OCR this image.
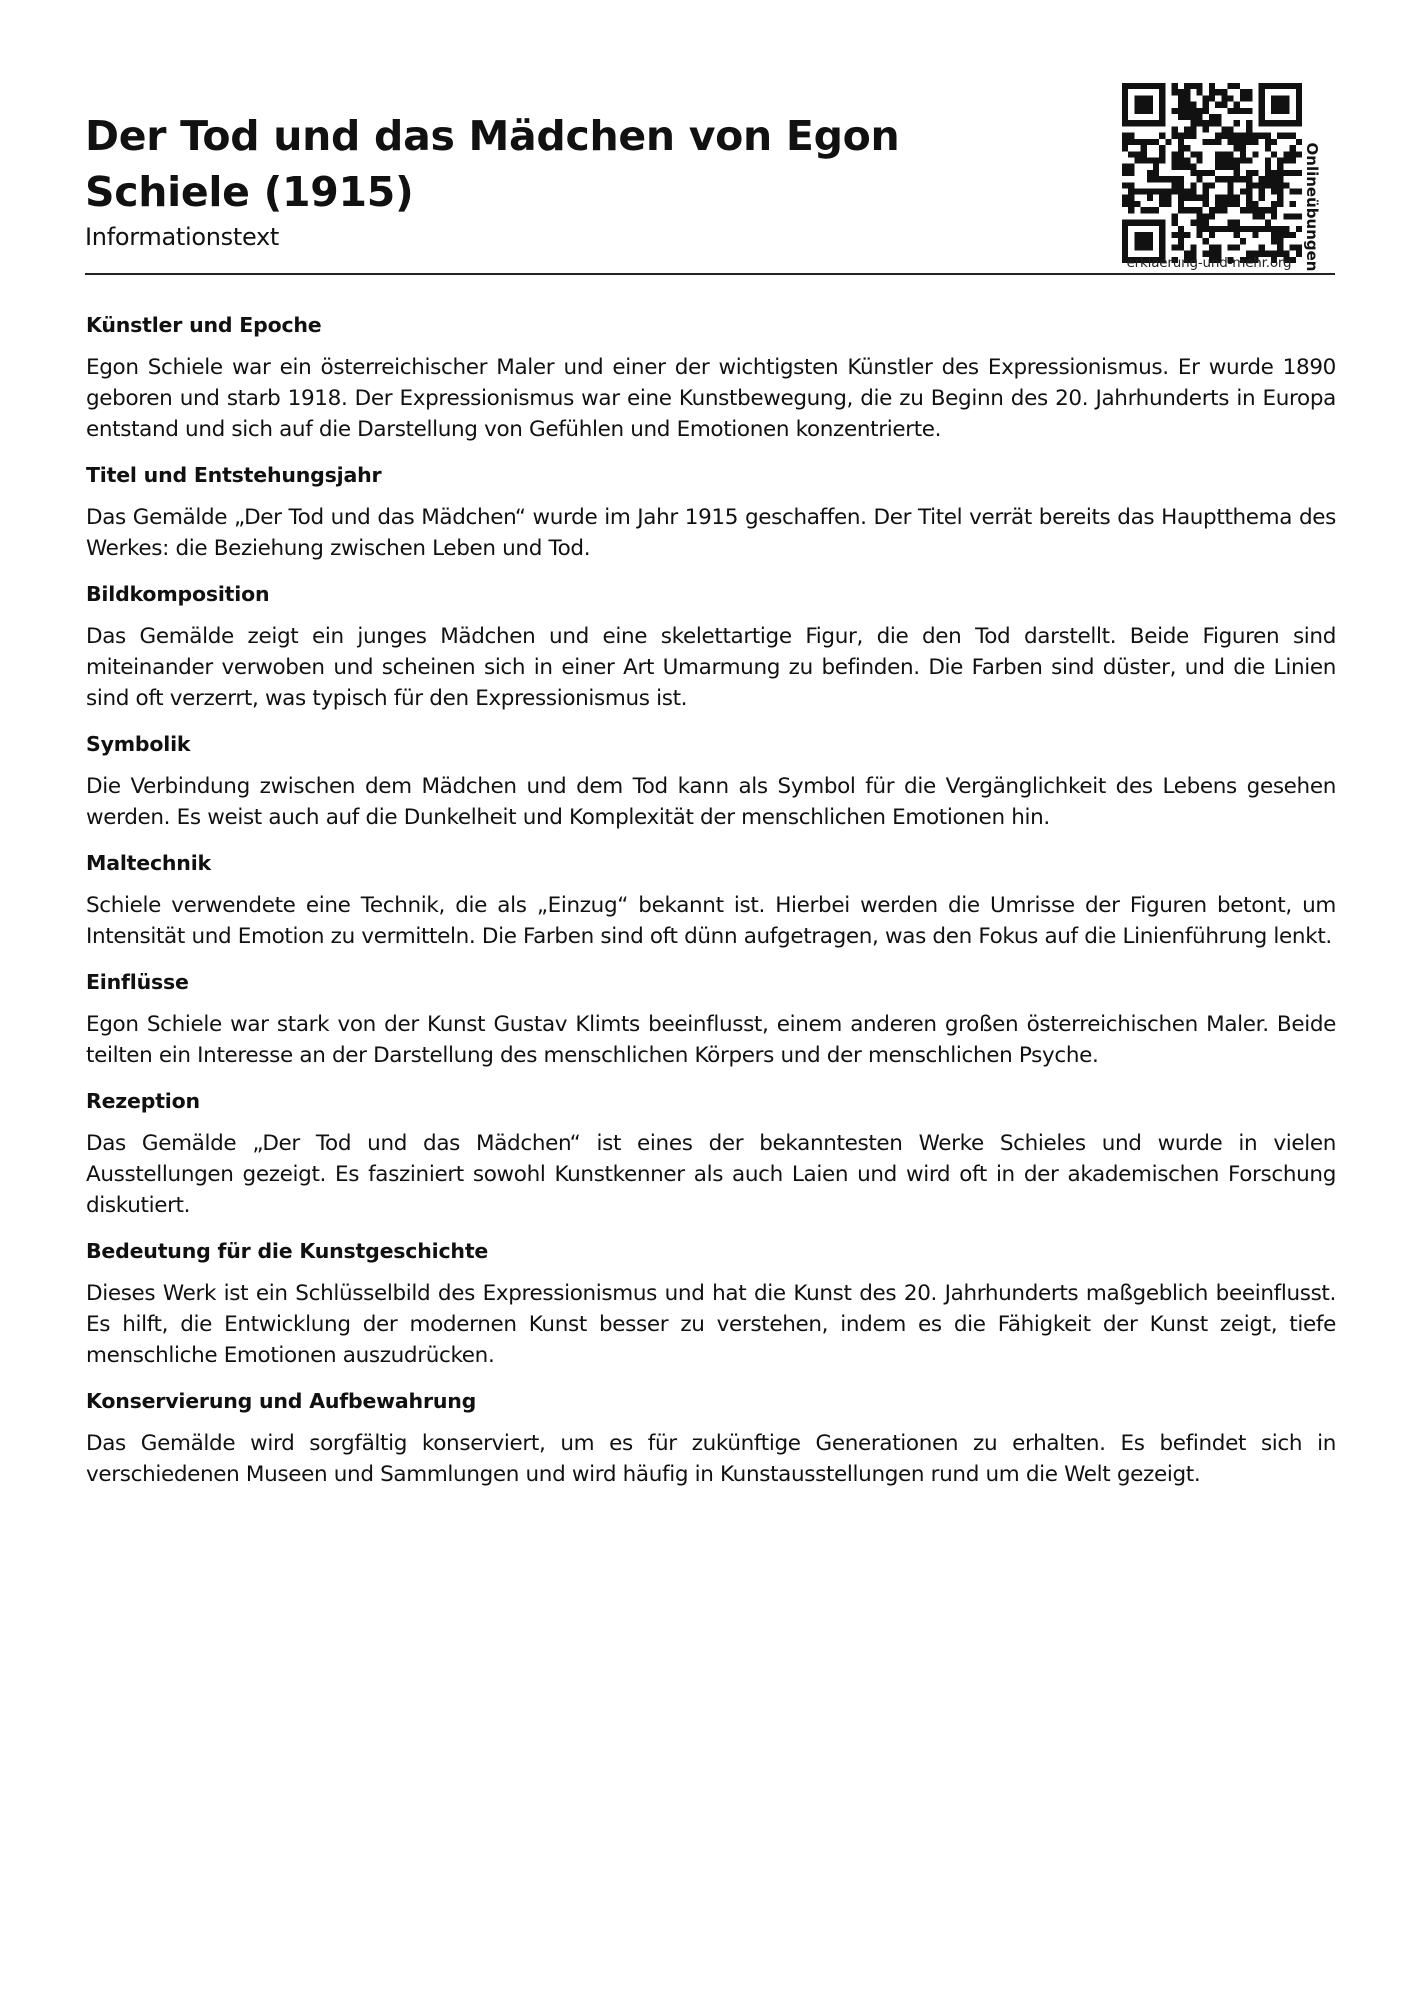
Der Tod und das Mädchen von Egon Schiele (1915)
Informationstext
erklaerung-und-mehr.org Onlineübungen
Künstler und Epoche

Egon Schiele war ein österreichischer Maler und einer der wichtigsten Künstler des Expressionismus. Er wurde 1890 geboren und starb 1918. Der Expressionismus war eine Kunstbewegung, die zu Beginn des 20. Jahrhunderts in Europa entstand und sich auf die Darstellung von Gefühlen und Emotionen konzentrierte.

Titel und Entstehungsjahr

Das Gemälde „Der Tod und das Mädchen“ wurde im Jahr 1915 geschaffen. Der Titel verrät bereits das Hauptthema des Werkes: die Beziehung zwischen Leben und Tod.

Bildkomposition

Das Gemälde zeigt ein junges Mädchen und eine skelettartige Figur, die den Tod darstellt. Beide Figuren sind miteinander verwoben und scheinen sich in einer Art Umarmung zu befinden. Die Farben sind düster, und die Linien sind oft verzerrt, was typisch für den Expressionismus ist.

Symbolik

Die Verbindung zwischen dem Mädchen und dem Tod kann als Symbol für die Vergänglichkeit des Lebens gesehen werden. Es weist auch auf die Dunkelheit und Komplexität der menschlichen Emotionen hin.

Maltechnik

Schiele verwendete eine Technik, die als „Einzug“ bekannt ist. Hierbei werden die Umrisse der Figuren betont, um Intensität und Emotion zu vermitteln. Die Farben sind oft dünn aufgetragen, was den Fokus auf die Linienführung lenkt.

Einflüsse

Egon Schiele war stark von der Kunst Gustav Klimts beeinflusst, einem anderen großen österreichischen Maler. Beide teilten ein Interesse an der Darstellung des menschlichen Körpers und der menschlichen Psyche.

Rezeption

Das Gemälde „Der Tod und das Mädchen“ ist eines der bekanntesten Werke Schieles und wurde in vielen Ausstellungen gezeigt. Es fasziniert sowohl Kunstkenner als auch Laien und wird oft in der akademischen Forschung diskutiert.

Bedeutung für die Kunstgeschichte

Dieses Werk ist ein Schlüsselbild des Expressionismus und hat die Kunst des 20. Jahrhunderts maßgeblich beeinflusst. Es hilft, die Entwicklung der modernen Kunst besser zu verstehen, indem es die Fähigkeit der Kunst zeigt, tiefe menschliche Emotionen auszudrücken.

Konservierung und Aufbewahrung

Das Gemälde wird sorgfältig konserviert, um es für zukünftige Generationen zu erhalten. Es befindet sich in verschiedenen Museen und Sammlungen und wird häufig in Kunstausstellungen rund um die Welt gezeigt.
